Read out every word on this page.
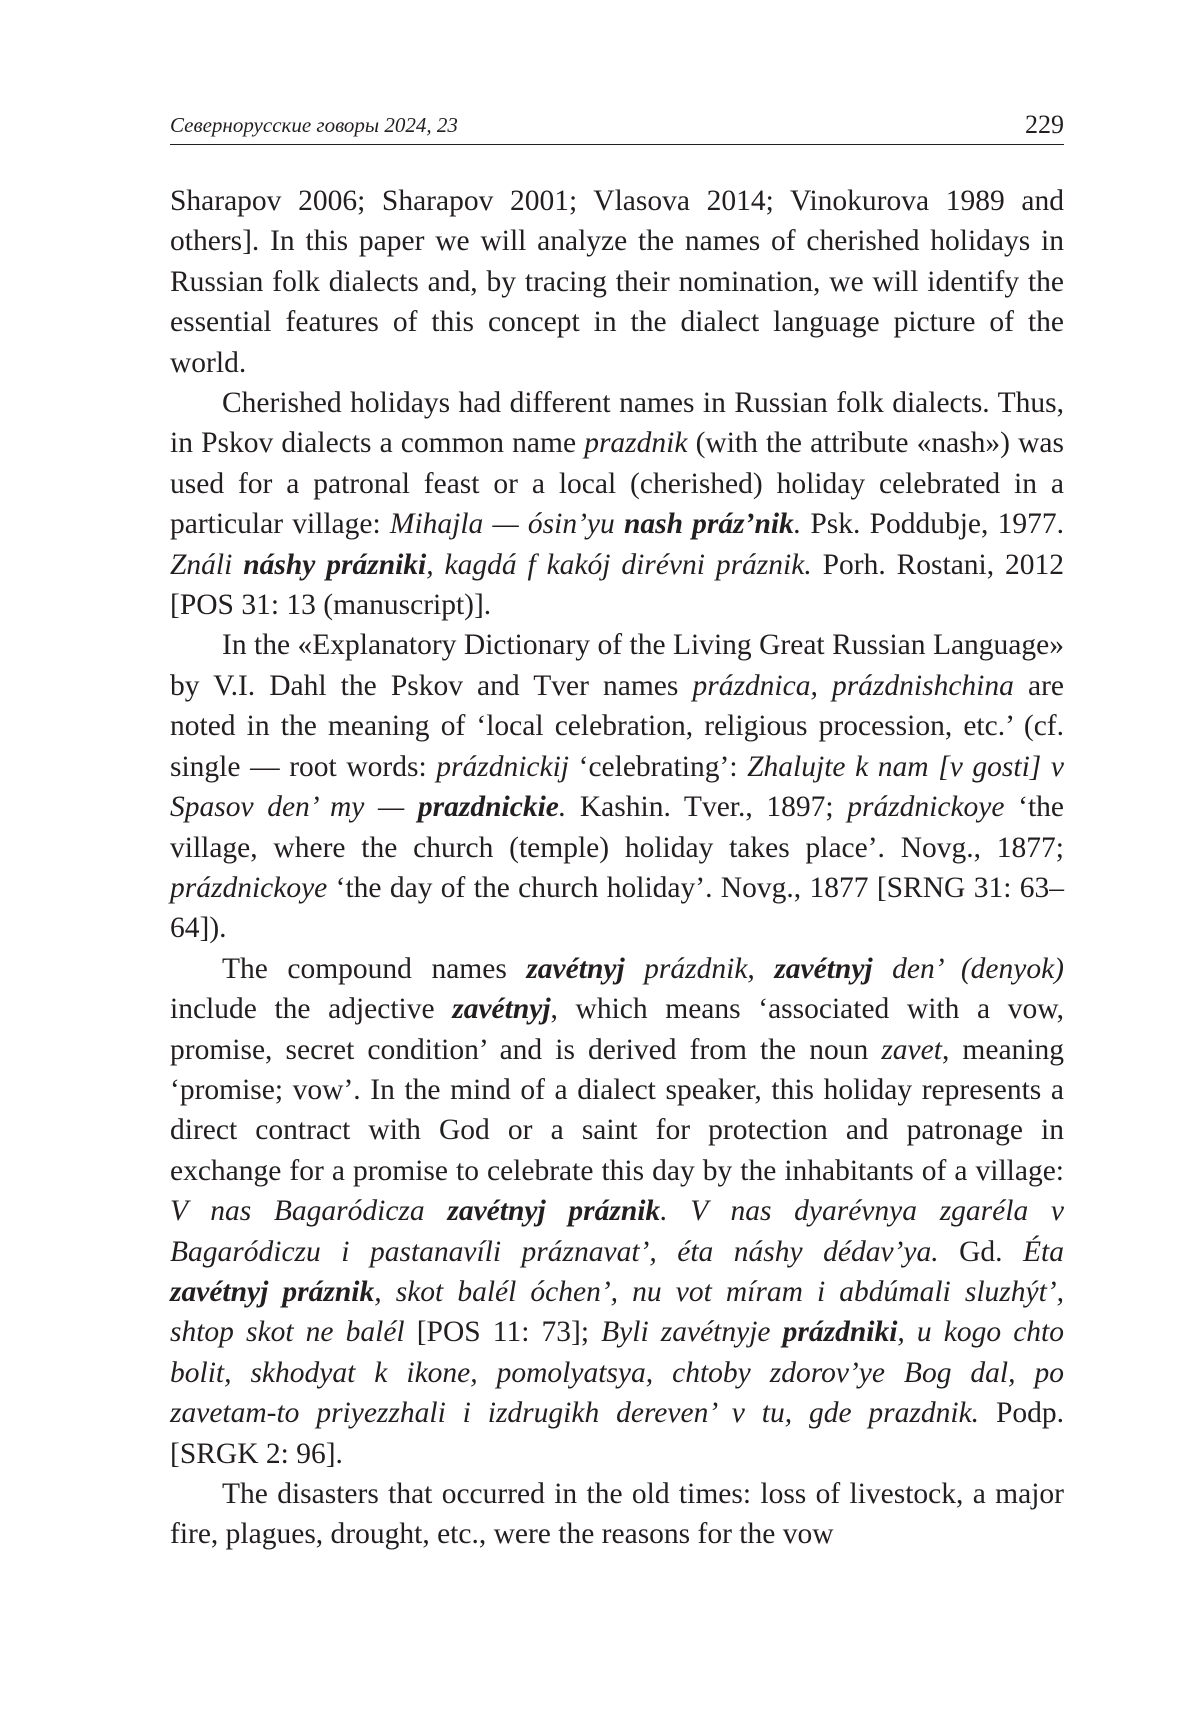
Севернорусские говоры 2024, 23	229

Sharapov 2006; Sharapov 2001; Vlasova 2014; Vinokurova 1989 and others]. In this paper we will analyze the names of cherished holidays in Russian folk dialects and, by tracing their nomination, we will identify the essential features of this concept in the dialect language picture of the world.

Cherished holidays had different names in Russian folk dialects. Thus, in Pskov dialects a common name prazdnik (with the attribute «nash») was used for a patronal feast or a local (cherished) holiday celebrated in a particular village: Mihajla — ósin’yu nash práz’nik. Psk. Poddubje, 1977. Ználi náshy prázniki, kagdá f kakój dirévni práznik. Porh. Rostani, 2012 [POS 31: 13 (manuscript)].

In the «Explanatory Dictionary of the Living Great Russian Language» by V.I. Dahl the Pskov and Tver names prázdnica, prázdnishchina are noted in the meaning of ‘local celebration, religious procession, etc.’ (cf. single — root words: prázdnickij ‘celebrating’: Zhalujte k nam [v gosti] v Spasov den’ my — prazdnickie. Kashin. Tver., 1897; prázdnickoye ‘the village, where the church (temple) holiday takes place’. Novg., 1877; prázdnickoye ‘the day of the church holiday’. Novg., 1877 [SRNG 31: 63–64]).

The compound names zavétnyj prázdnik, zavétnyj den’ (denyok) include the adjective zavétnyj, which means ‘associated with a vow, promise, secret condition’ and is derived from the noun zavet, meaning ‘promise; vow’. In the mind of a dialect speaker, this holiday represents a direct contract with God or a saint for protection and patronage in exchange for a promise to celebrate this day by the inhabitants of a village: V nas Bagaródicza zavétnyj práznik. V nas dyarévnya zgaréla v Bagaródiczu i pastanavíli práznavat’, éta náshy dédav’ya. Gd. Éta zavétnyj práznik, skot balél óchen’, nu vot míram i abdúmali sluzhýt’, shtop skot ne balél [POS 11: 73]; Byli zavétnyje prázdniki, u kogo chto bolit, skhodyat k ikone, pomolyatsya, chtoby zdorov’ye Bog dal, po zavetam-to priyezzhali i izdrugikh dereven’ v tu, gde prazdnik. Podp. [SRGK 2: 96].

The disasters that occurred in the old times: loss of livestock, a major fire, plagues, drought, etc., were the reasons for the vow
